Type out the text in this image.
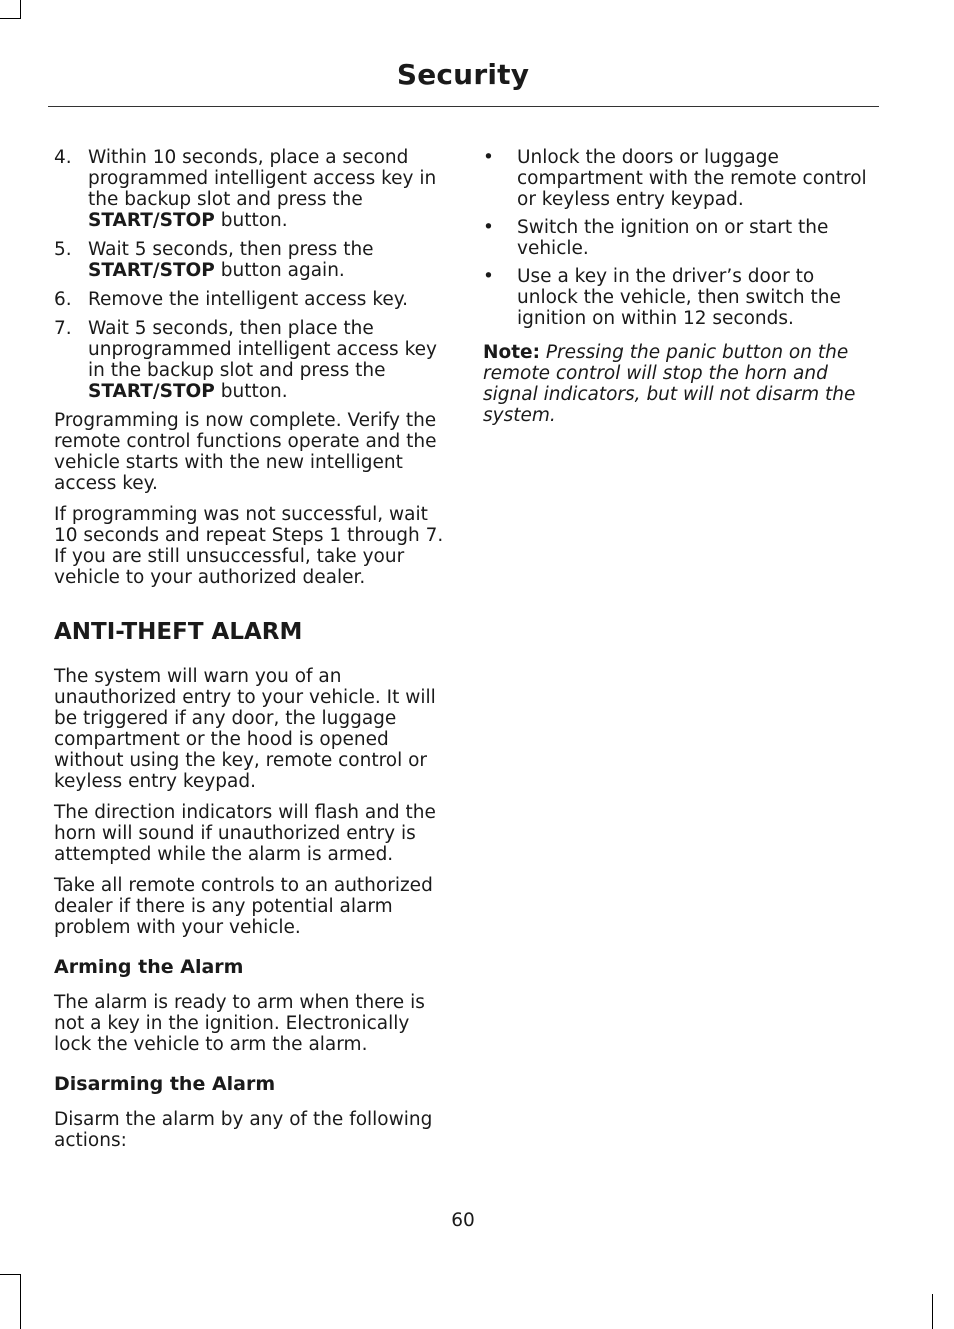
Security
4. Within 10 seconds, place a second programmed intelligent access key in the backup slot and press the START/STOP button.
5. Wait 5 seconds, then press the START/STOP button again.
6. Remove the intelligent access key.
7. Wait 5 seconds, then place the unprogrammed intelligent access key in the backup slot and press the START/STOP button.

Programming is now complete. Verify the remote control functions operate and the vehicle starts with the new intelligent access key.

If programming was not successful, wait 10 seconds and repeat Steps 1 through 7. If you are still unsuccessful, take your vehicle to your authorized dealer.

ANTI-THEFT ALARM

The system will warn you of an unauthorized entry to your vehicle. It will be triggered if any door, the luggage compartment or the hood is opened without using the key, remote control or keyless entry keypad.

The direction indicators will flash and the horn will sound if unauthorized entry is attempted while the alarm is armed.

Take all remote controls to an authorized dealer if there is any potential alarm problem with your vehicle.

Arming the Alarm

The alarm is ready to arm when there is not a key in the ignition. Electronically lock the vehicle to arm the alarm.

Disarming the Alarm

Disarm the alarm by any of the following actions:

• Unlock the doors or luggage compartment with the remote control or keyless entry keypad.
• Switch the ignition on or start the vehicle.
• Use a key in the driver’s door to unlock the vehicle, then switch the ignition on within 12 seconds.

Note: Pressing the panic button on the remote control will stop the horn and signal indicators, but will not disarm the system.

60
